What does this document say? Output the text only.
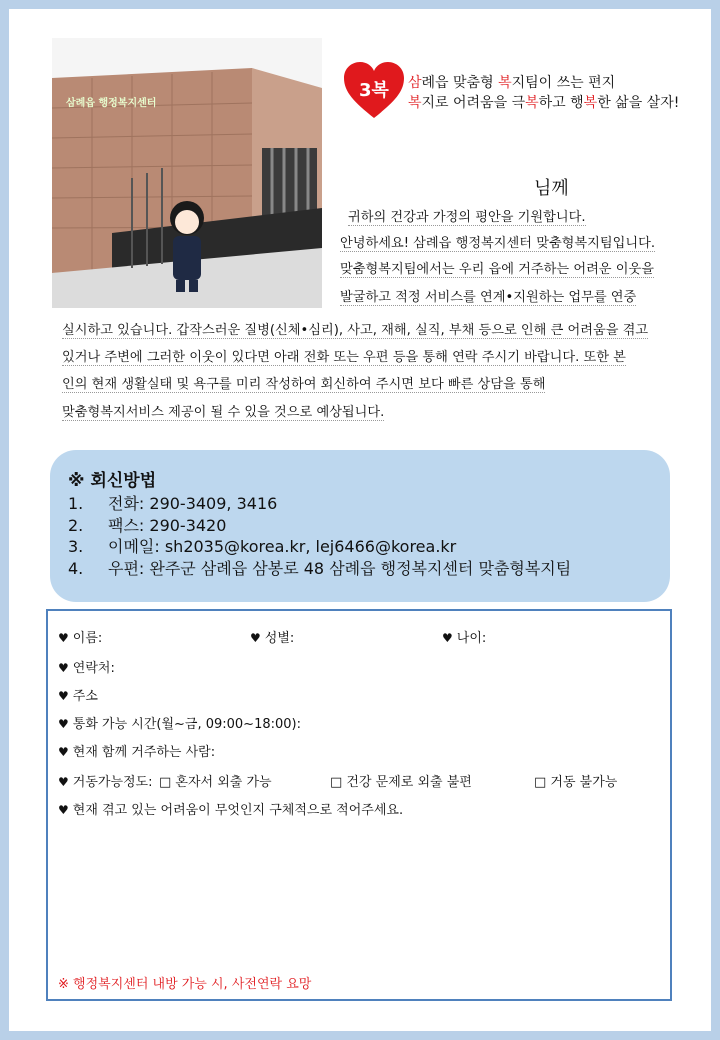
삼례읍 행정복지센터
3복	삼례읍 맞춤형 복지팀이 쓰는 편지
복지로 어려움을 극복하고 행복한 삶을 살자!
님께
귀하의 건강과 가정의 평안을 기원합니다.
안녕하세요! 삼례읍 행정복지센터 맞춤형복지팀입니다.
맞춤형복지팀에서는 우리 읍에 거주하는 어려운 이웃을
발굴하고 적정 서비스를 연계•지원하는 업무를 연중
실시하고 있습니다. 갑작스러운 질병(신체•심리), 사고, 재해, 실직, 부채 등으로 인해 큰 어려움을 겪고
있거나 주변에 그러한 이웃이 있다면 아래 전화 또는 우편 등을 통해 연락 주시기 바랍니다. 또한 본
인의 현재 생활실태 및 욕구를 미리 작성하여 회신하여 주시면 보다 빠른 상담을 통해
맞춤형복지서비스 제공이 될 수 있을 것으로 예상됩니다.
※ 회신방법
1.	전화: 290-3409, 3416
2.	팩스: 290-3420
3.	이메일: sh2035@korea.kr, lej6466@korea.kr
4.	우편: 완주군 삼례읍 삼봉로 48 삼례읍 행정복지센터 맞춤형복지팀
♥ 이름:	♥ 성별:	♥ 나이:
♥ 연락처:
♥ 주소
♥ 통화 가능 시간(월~금, 09:00~18:00):
♥ 현재 함께 거주하는 사람:
♥ 거동가능정도: □ 혼자서 외출 가능	□ 건강 문제로 외출 불편	□ 거동 불가능
♥ 현재 겪고 있는 어려움이 무엇인지 구체적으로 적어주세요.
※ 행정복지센터 내방 가능 시, 사전연락 요망
